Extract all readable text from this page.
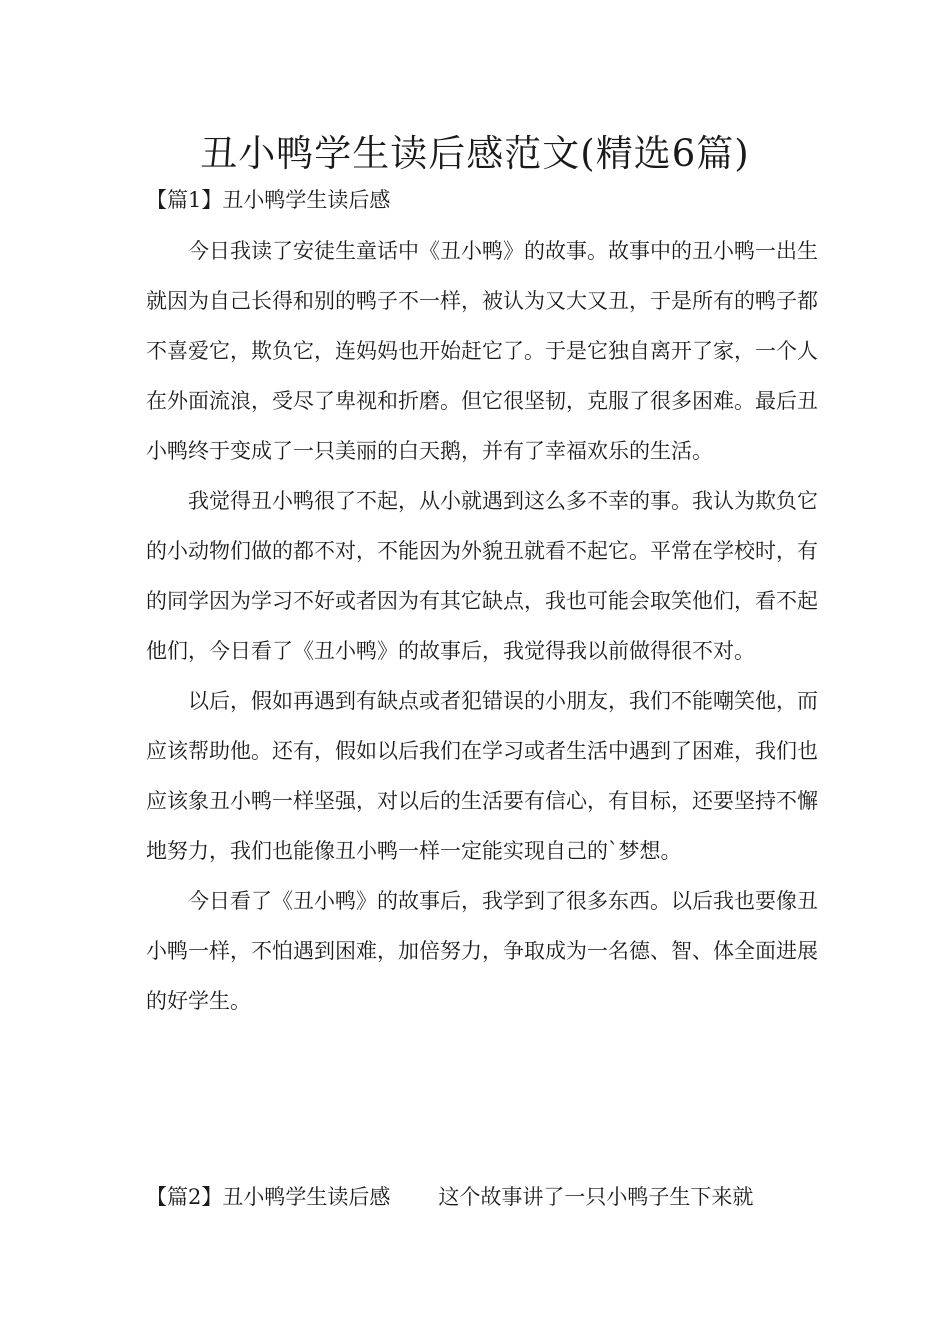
丑小鸭学生读后感范文(精选6篇)
【篇1】丑小鸭学生读后感

今日我读了安徒生童话中《丑小鸭》的故事。故事中的丑小鸭一出生就因为自己长得和别的鸭子不一样，被认为又大又丑，于是所有的鸭子都不喜爱它，欺负它，连妈妈也开始赶它了。于是它独自离开了家，一个人在外面流浪，受尽了卑视和折磨。但它很坚韧，克服了很多困难。最后丑小鸭终于变成了一只美丽的白天鹅，并有了幸福欢乐的生活。

我觉得丑小鸭很了不起，从小就遇到这么多不幸的事。我认为欺负它的小动物们做的都不对，不能因为外貌丑就看不起它。平常在学校时，有的同学因为学习不好或者因为有其它缺点，我也可能会取笑他们，看不起他们，今日看了《丑小鸭》的故事后，我觉得我以前做得很不对。

以后，假如再遇到有缺点或者犯错误的小朋友，我们不能嘲笑他，而应该帮助他。还有，假如以后我们在学习或者生活中遇到了困难，我们也应该象丑小鸭一样坚强，对以后的生活要有信心，有目标，还要坚持不懈地努力，我们也能像丑小鸭一样一定能实现自己的`梦想。

今日看了《丑小鸭》的故事后，我学到了很多东西。以后我也要像丑小鸭一样，不怕遇到困难，加倍努力，争取成为一名德、智、体全面进展的好学生。

【篇2】丑小鸭学生读后感 这个故事讲了一只小鸭子生下来就
